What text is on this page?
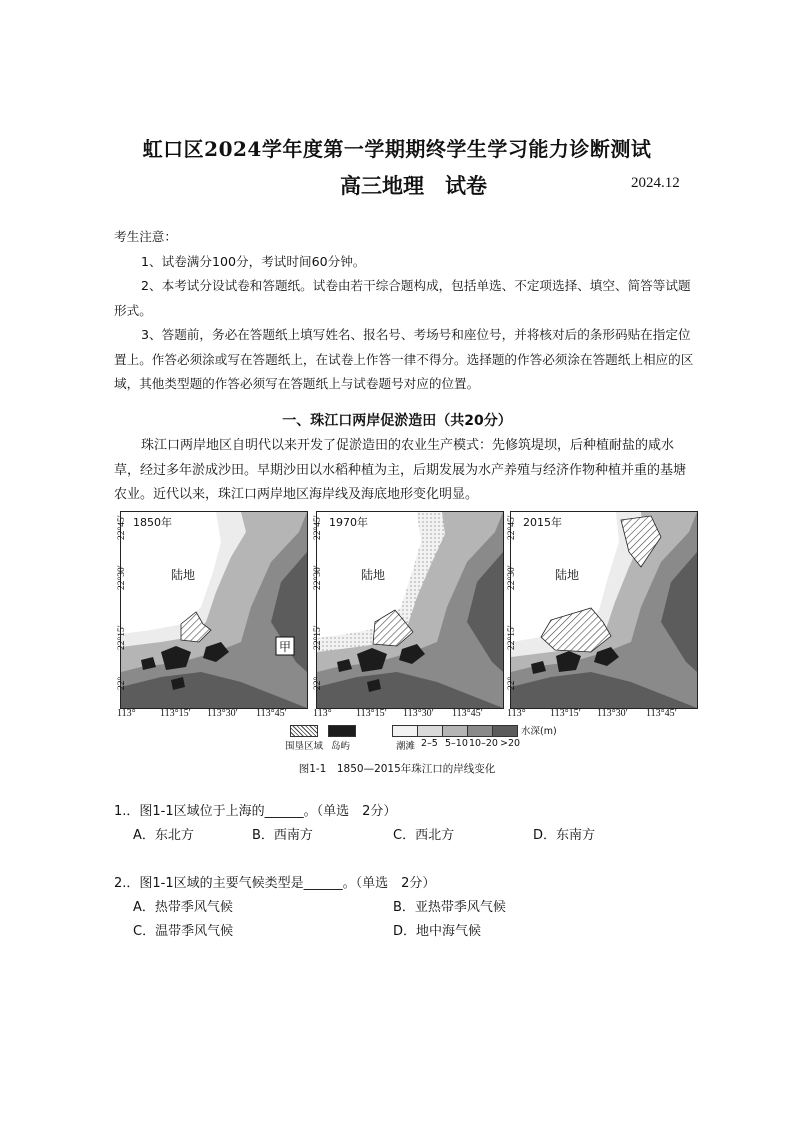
虹口区2024学年度第一学期期终学生学习能力诊断测试
高三地理　试卷	2024.12

考生注意：

1、试卷满分100分，考试时间60分钟。

2、本考试分设试卷和答题纸。试卷由若干综合题构成，包括单选、不定项选择、填空、简答等试题形式。

3、答题前，务必在答题纸上填写姓名、报名号、考场号和座位号，并将核对后的条形码贴在指定位置上。作答必须涂或写在答题纸上，在试卷上作答一律不得分。选择题的作答必须涂在答题纸上相应的区域，其他类型题的作答必须写在答题纸上与试卷题号对应的位置。

一、珠江口两岸促淤造田（共20分）

珠江口两岸地区自明代以来开发了促淤造田的农业生产模式：先修筑堤坝，后种植耐盐的咸水草，经过多年淤成沙田。早期沙田以水稻种植为主，后期发展为水产养殖与经济作物种植并重的基塘农业。近代以来，珠江口两岸地区海岸线及海底地形变化明显。

陆地
1850年
甲
陆地
1970年
陆地
2015年
22°45′
22°30′
22°15′
22°
22°45′
22°30′
22°15′
22°
22°45′
22°30′
22°15′
22°
113° 113°15′ 113°30′ 113°45′	113° 113°15′ 113°30′ 113°45′ 113° 113°15′ 113°30′ 113°45′
水深(m)
围垦区域 岛屿	潮滩 2–5 5–10 10–20 >20
图1-1　1850—2015年珠江口的岸线变化
1.．图1-1区域位于上海的______。（单选　2分）
A．东北方	B．西南方	C．西北方	D．东南方
2.．图1-1区域的主要气候类型是______。（单选　2分）
A．热带季风气候	B．亚热带季风气候
C．温带季风气候	D．地中海气候
